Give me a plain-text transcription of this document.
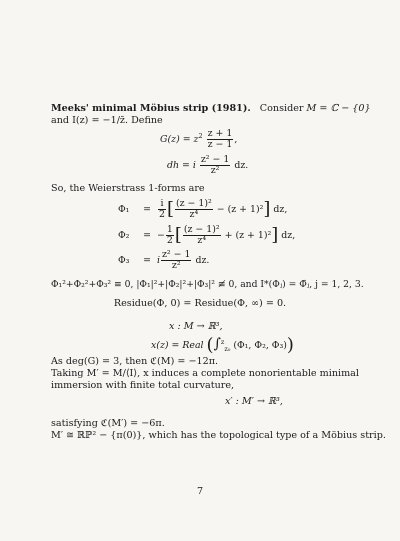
Meeks' minimal Möbius strip (1981). Consider M = ℂ − {0}
and I(z) = −1/z̄. Define
$G(z) = z^2 \frac{z + 1}{z - 1}$ ,
dh = i $\frac{\text{z² − 1}}{\text{z²}}$ dz.
So, the Weierstrass 1-forms are
$\Phi_1 = \frac{i}{2}$ [ $\frac{\text{(z − 1)²}}{\text{z⁴}} - (z + 1)^2$] dz,
Φ₂ = − $\frac{1}{2}$ [ $\frac{\text{(z − 1)²}}{\text{z⁴}} + (z + 1)^2$] dz,
Φ₃ = i $\frac{\text{z² − 1}}{\text{z²}}$ dz.
Φ₁²+Φ₂²+Φ₃² ≡ 0, |Φ₁|²+|Φ₂|²+|Φ₃|² ≢ 0, and I*(Φⱼ) = Φ̄ⱼ, j = 1, 2, 3.
Residue(Φ, 0) = Residue(Φ, ∞) = 0.
x : M → ℝ³,
x(z) = Real (∫$^z_{z_0}$ (Φ₁, Φ₂, Φ₃))
As deg(G) = 3, then ℭ(M) = −12π.
Taking M′ = M/⟨I⟩, x induces a complete nonorientable minimal
immersion with finite total curvature,
x′ : M′ → ℝ³,
satisfying ℭ(M′) = −6π.
M′ ≅ ℝℙ² − {π(0)}, which has the topological type of a Möbius strip.
7
